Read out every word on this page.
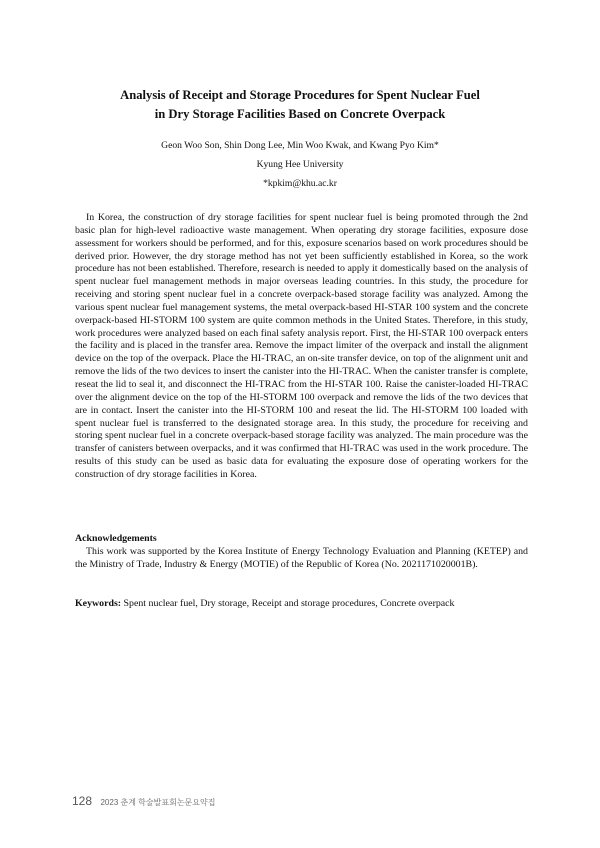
Analysis of Receipt and Storage Procedures for Spent Nuclear Fuel
in Dry Storage Facilities Based on Concrete Overpack

Geon Woo Son, Shin Dong Lee, Min Woo Kwak, and Kwang Pyo Kim*

Kyung Hee University

*kpkim@khu.ac.kr

In Korea, the construction of dry storage facilities for spent nuclear fuel is being promoted through the 2nd basic plan for high-level radioactive waste management. When operating dry storage facilities, exposure dose assessment for workers should be performed, and for this, exposure scenarios based on work procedures should be derived prior. However, the dry storage method has not yet been sufficiently established in Korea, so the work procedure has not been established. Therefore, research is needed to apply it domestically based on the analysis of spent nuclear fuel management methods in major overseas leading countries. In this study, the procedure for receiving and storing spent nuclear fuel in a concrete overpack-based storage facility was analyzed. Among the various spent nuclear fuel management systems, the metal overpack-based HI-STAR 100 system and the concrete overpack-based HI-STORM 100 system are quite common methods in the United States. Therefore, in this study, work procedures were analyzed based on each final safety analysis report. First, the HI-STAR 100 overpack enters the facility and is placed in the transfer area. Remove the impact limiter of the overpack and install the alignment device on the top of the overpack. Place the HI-TRAC, an on-site transfer device, on top of the alignment unit and remove the lids of the two devices to insert the canister into the HI-TRAC. When the canister transfer is complete, reseat the lid to seal it, and disconnect the HI-TRAC from the HI-STAR 100. Raise the canister-loaded HI-TRAC over the alignment device on the top of the HI-STORM 100 overpack and remove the lids of the two devices that are in contact. Insert the canister into the HI-STORM 100 and reseat the lid. The HI-STORM 100 loaded with spent nuclear fuel is transferred to the designated storage area. In this study, the procedure for receiving and storing spent nuclear fuel in a concrete overpack-based storage facility was analyzed. The main procedure was the transfer of canisters between overpacks, and it was confirmed that HI-TRAC was used in the work procedure. The results of this study can be used as basic data for evaluating the exposure dose of operating workers for the construction of dry storage facilities in Korea.

Acknowledgements

This work was supported by the Korea Institute of Energy Technology Evaluation and Planning (KETEP) and the Ministry of Trade, Industry & Energy (MOTIE) of the Republic of Korea (No. 2021171020001B).

Keywords: Spent nuclear fuel, Dry storage, Receipt and storage procedures, Concrete overpack

128 2023 춘계 학술발표회논문요약집
